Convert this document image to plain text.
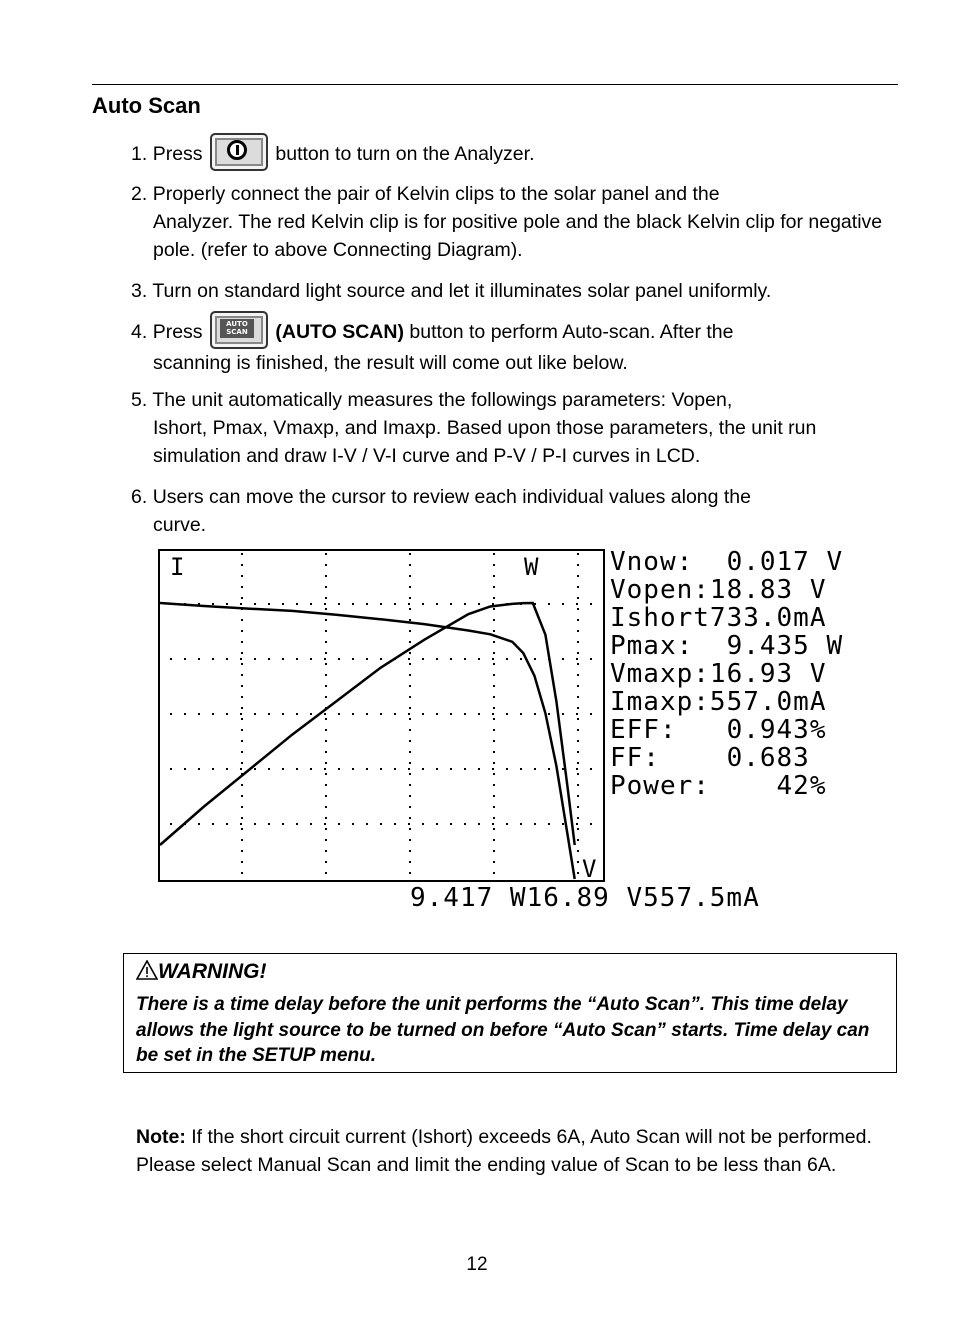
Auto Scan
1. Press	button to turn on the Analyzer.
2. Properly connect the pair of Kelvin clips to the solar panel and the
Analyzer. The red Kelvin clip is for positive pole and the black Kelvin clip for negative pole. (refer to above Connecting Diagram).
3. Turn on standard light source and let it illuminates solar panel uniformly.
4. Press	AUTO SCAN	(AUTO SCAN) button to perform Auto-scan. After the
scanning is finished, the result will come out like below.
5. The unit automatically measures the followings parameters: Vopen,
Ishort, Pmax, Vmaxp, and Imaxp. Based upon those parameters, the unit run simulation and draw I-V / V-I curve and P-V / P-I curves in LCD.
6. Users can move the cursor to review each individual values along the
curve.
I	W
V
Vnow:  0.017 V
Vopen:18.83 V
Ishort733.0mA
Pmax:  9.435 W
Vmaxp:16.93 V
Imaxp:557.0mA
EFF:   0.943%
FF:    0.683
Power:    42%
9.417 W16.89 V557.5mA
WARNING!
There is a time delay before the unit performs the “Auto Scan”. This time delay allows the light source to be turned on before “Auto Scan” starts. Time delay can be set in the SETUP menu.
Note: If the short circuit current (Ishort) exceeds 6A, Auto Scan will not be performed. Please select Manual Scan and limit the ending value of Scan to be less than 6A.
12
